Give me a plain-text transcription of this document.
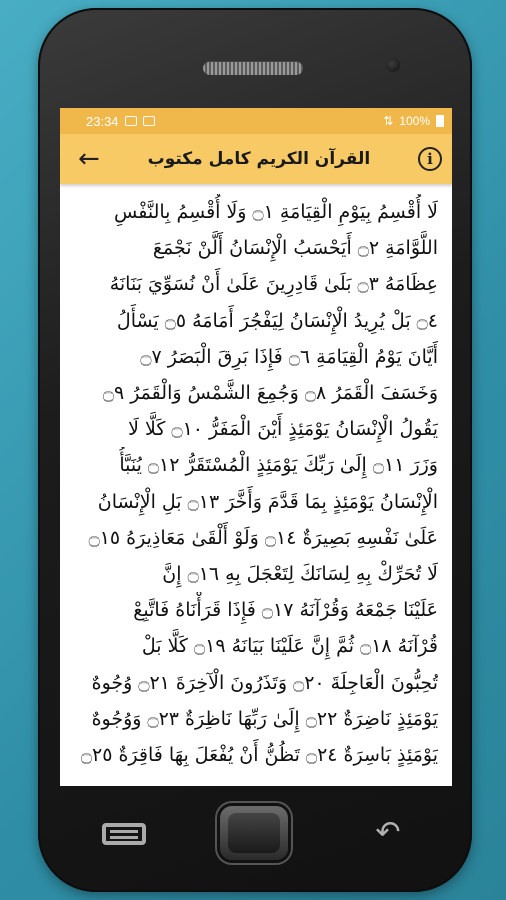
23:34	⇅ 100%
←	القرآن الكريم كامل مكتوب	i
لَا أُقْسِمُ بِيَوْمِ الْقِيَامَةِ ۝١ وَلَا أُقْسِمُ بِالنَّفْسِ
اللَّوَّامَةِ ۝٢ أَيَحْسَبُ الْإِنْسَانُ أَلَّنْ نَجْمَعَ
عِظَامَهُ ۝٣ بَلَىٰ قَادِرِينَ عَلَىٰ أَنْ نُسَوِّيَ بَنَانَهُ
۝٤ بَلْ يُرِيدُ الْإِنْسَانُ لِيَفْجُرَ أَمَامَهُ ۝٥ يَسْأَلُ
أَيَّانَ يَوْمُ الْقِيَامَةِ ۝٦ فَإِذَا بَرِقَ الْبَصَرُ ۝٧
وَخَسَفَ الْقَمَرُ ۝٨ وَجُمِعَ الشَّمْسُ وَالْقَمَرُ ۝٩
يَقُولُ الْإِنْسَانُ يَوْمَئِذٍ أَيْنَ الْمَفَرُّ ۝١٠ كَلَّا لَا
وَزَرَ ۝١١ إِلَىٰ رَبِّكَ يَوْمَئِذٍ الْمُسْتَقَرُّ ۝١٢ يُنَبَّأُ
الْإِنْسَانُ يَوْمَئِذٍ بِمَا قَدَّمَ وَأَخَّرَ ۝١٣ بَلِ الْإِنْسَانُ
عَلَىٰ نَفْسِهِ بَصِيرَةٌ ۝١٤ وَلَوْ أَلْقَىٰ مَعَاذِيرَهُ ۝١٥
لَا تُحَرِّكْ بِهِ لِسَانَكَ لِتَعْجَلَ بِهِ ۝١٦ إِنَّ
عَلَيْنَا جَمْعَهُ وَقُرْآنَهُ ۝١٧ فَإِذَا قَرَأْنَاهُ فَاتَّبِعْ
قُرْآنَهُ ۝١٨ ثُمَّ إِنَّ عَلَيْنَا بَيَانَهُ ۝١٩ كَلَّا بَلْ
تُحِبُّونَ الْعَاجِلَةَ ۝٢٠ وَتَذَرُونَ الْآخِرَةَ ۝٢١ وُجُوهٌ
يَوْمَئِذٍ نَاضِرَةٌ ۝٢٢ إِلَىٰ رَبِّهَا نَاظِرَةٌ ۝٢٣ وَوُجُوهٌ
يَوْمَئِذٍ بَاسِرَةٌ ۝٢٤ تَظُنُّ أَنْ يُفْعَلَ بِهَا فَاقِرَةٌ ۝٢٥
↶
